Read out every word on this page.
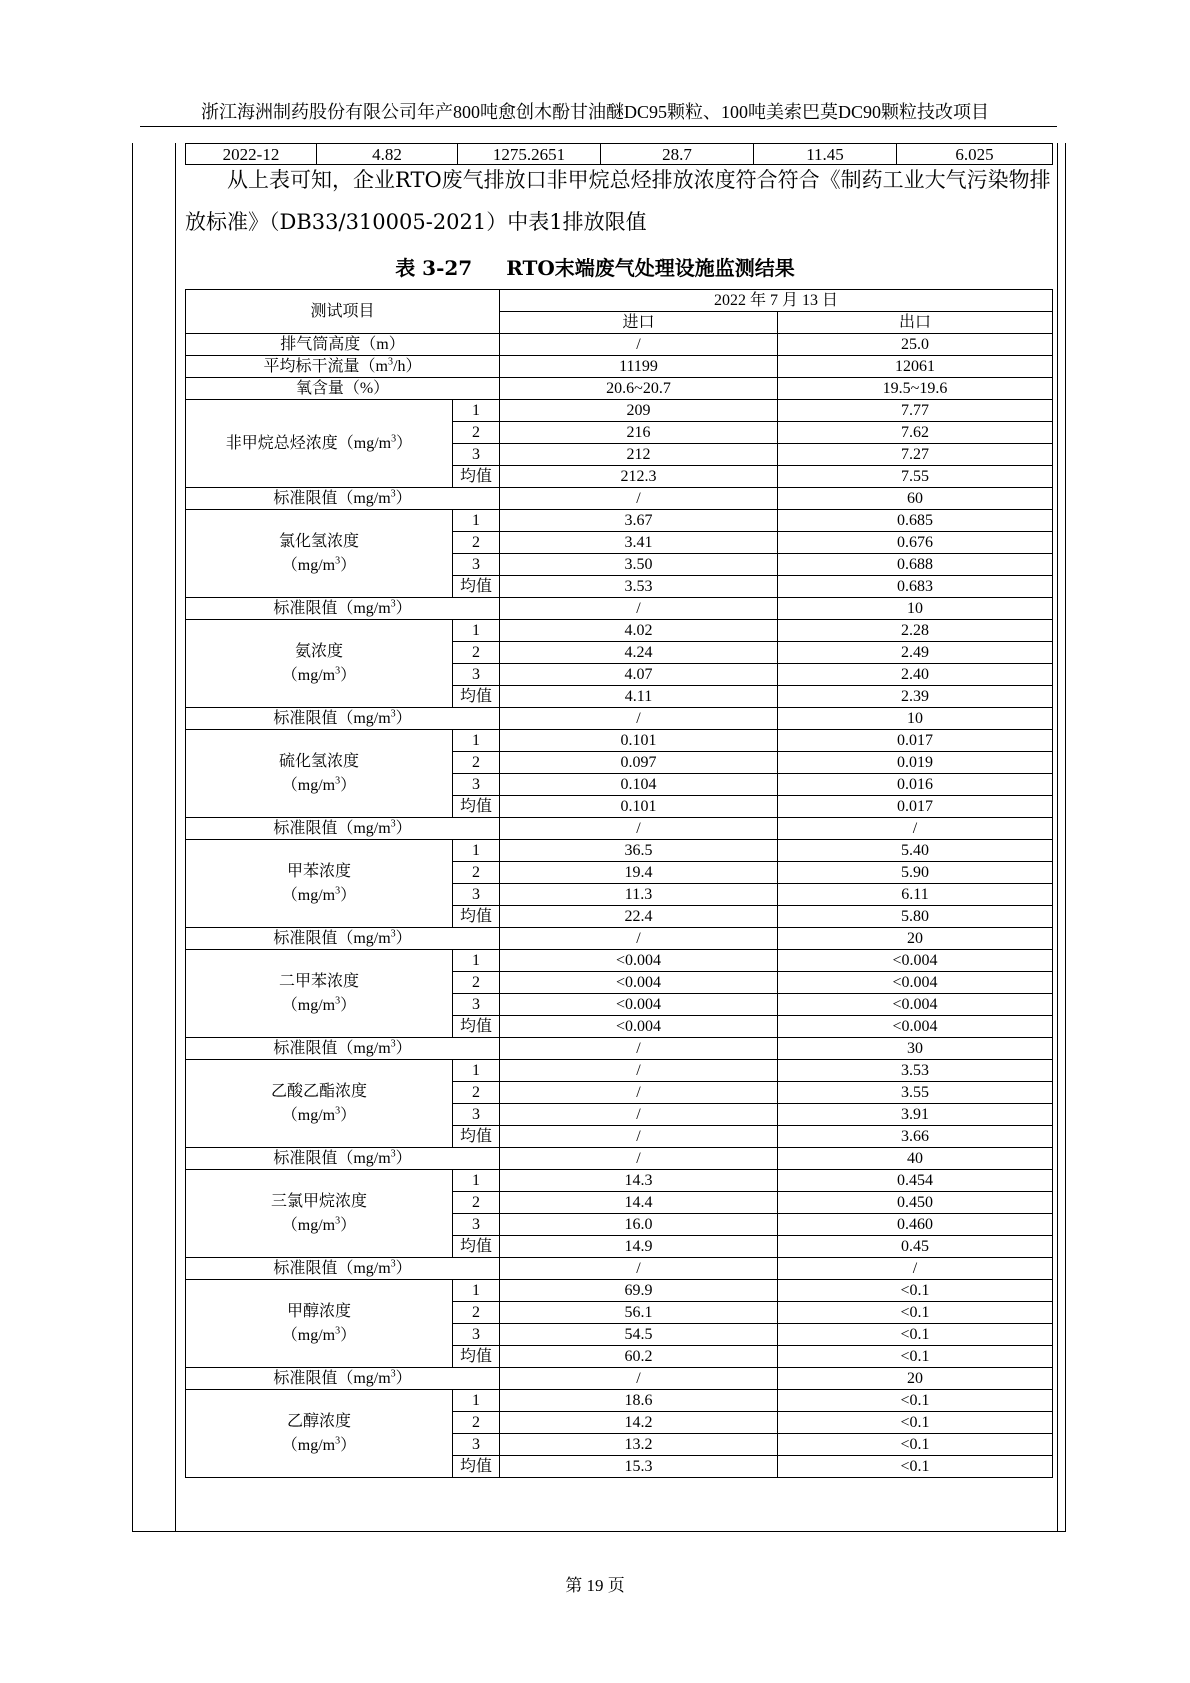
浙江海洲制药股份有限公司年产800吨愈创木酚甘油醚DC95颗粒、100吨美索巴莫DC90颗粒技改项目
2022-12	4.82	1275.2651	28.7	11.45	6.025
从上表可知，企业RTO废气排放口非甲烷总烃排放浓度符合符合《制药工业大气污染物排
放标准》（DB33/310005-2021）中表1排放限值
表 3-27 RTO末端废气处理设施监测结果
测试项目		2022 年 7 月 13 日	
		进口	出口
排气筒高度（m）		/	25.0
平均标干流量$(m^3/h)$		11199	12061
氧含量（%）		20.6~20.7	19.5~19.6
非甲烷总烃浓度$(mg/m^3)$	1	209	7.77
	2	216	7.62
	3	212	7.27
	均值	212.3	7.55
标准限值$(mg/m^3)$		/	60
氯化氢浓度
$(mg/m^3)$	1	3.67	0.685
	2	3.41	0.676
	3	3.50	0.688
	均值	3.53	0.683
标准限值$(mg/m^3)$		/	10
氨浓度
$(mg/m^3)$	1	4.02	2.28
	2	4.24	2.49
	3	4.07	2.40
	均值	4.11	2.39
标准限值$(mg/m^3)$		/	10
硫化氢浓度
$(mg/m^3)$	1	0.101	0.017
	2	0.097	0.019
	3	0.104	0.016
	均值	0.101	0.017
标准限值$(mg/m^3)$		/	/
甲苯浓度
$(mg/m^3)$	1	36.5	5.40
	2	19.4	5.90
	3	11.3	6.11
	均值	22.4	5.80
标准限值$(mg/m^3)$		/	20
二甲苯浓度
$(mg/m^3)$	1	<0.004	<0.004
	2	<0.004	<0.004
	3	<0.004	<0.004
	均值	<0.004	<0.004
标准限值$(mg/m^3)$		/	30
乙酸乙酯浓度
$(mg/m^3)$	1	/	3.53
	2	/	3.55
	3	/	3.91
	均值	/	3.66
标准限值$(mg/m^3)$		/	40
三氯甲烷浓度
$(mg/m^3)$	1	14.3	0.454
	2	14.4	0.450
	3	16.0	0.460
	均值	14.9	0.45
标准限值$(mg/m^3)$		/	/
甲醇浓度
$(mg/m^3)$	1	69.9	<0.1
	2	56.1	<0.1
	3	54.5	<0.1
	均值	60.2	<0.1
标准限值$(mg/m^3)$		/	20
乙醇浓度
$(mg/m^3)$	1	18.6	<0.1
	2	14.2	<0.1
	3	13.2	<0.1
	均值	15.3	<0.1
第 19 页
